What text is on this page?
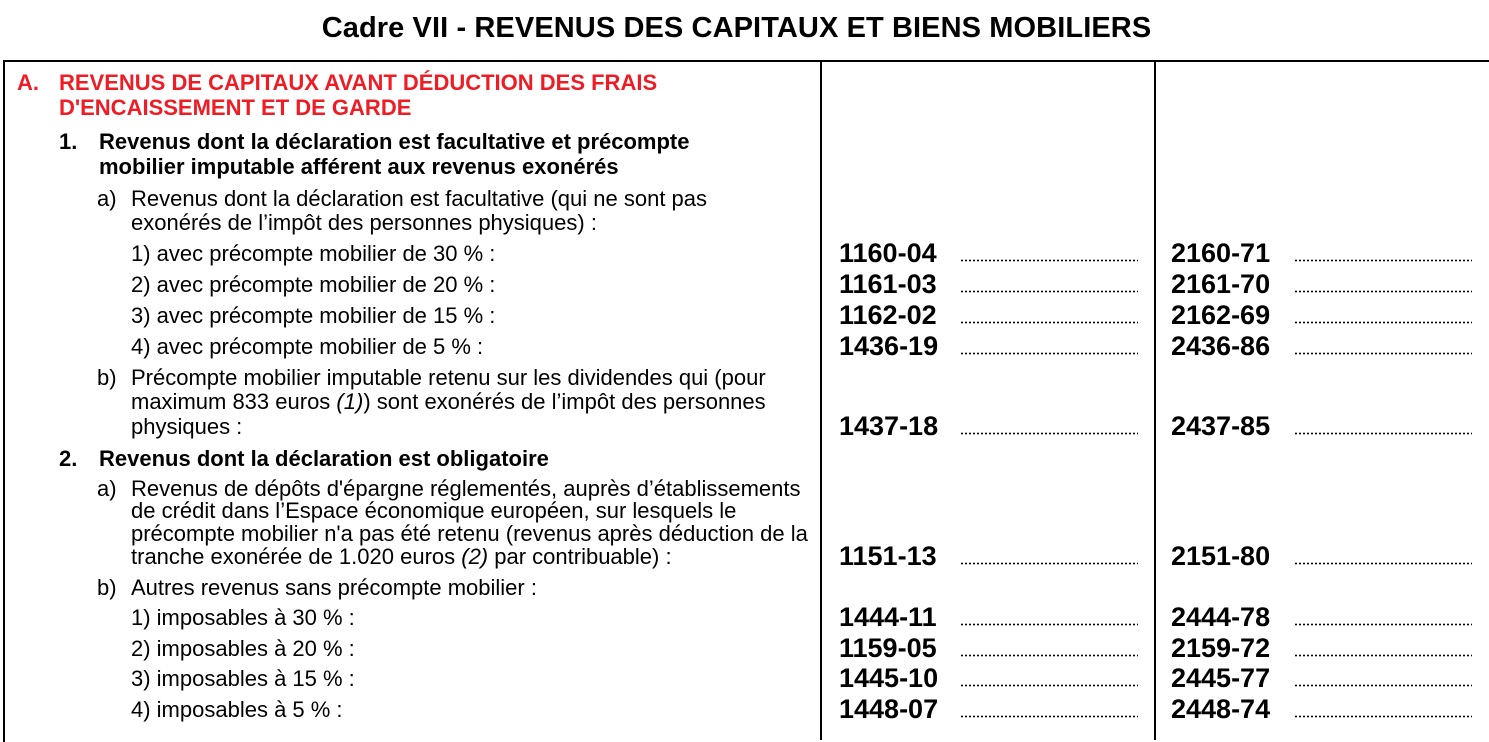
Cadre VII - REVENUS DES CAPITAUX ET BIENS MOBILIERS
A. REVENUS DE CAPITAUX AVANT DÉDUCTION DES FRAIS
D'ENCAISSEMENT ET DE GARDE
1. Revenus dont la déclaration est facultative et précompte
mobilier imputable afférent aux revenus exonérés
a) Revenus dont la déclaration est facultative (qui ne sont pas
exonérés de l’impôt des personnes physiques) :
1) avec précompte mobilier de 30 % :	1160-04	2160-71
2) avec précompte mobilier de 20 % :	1161-03	2161-70
3) avec précompte mobilier de 15 % :	1162-02	2162-69
4) avec précompte mobilier de 5 % :	1436-19	2436-86
b) Précompte mobilier imputable retenu sur les dividendes qui (pour
maximum 833 euros (1)) sont exonérés de l’impôt des personnes
physiques :	1437-18	2437-85
2. Revenus dont la déclaration est obligatoire
a) Revenus de dépôts d'épargne réglementés, auprès d’établissements
de crédit dans l’Espace économique européen, sur lesquels le
précompte mobilier n'a pas été retenu (revenus après déduction de la
tranche exonérée de 1.020 euros (2) par contribuable) :	1151-13	2151-80
b) Autres revenus sans précompte mobilier :
1) imposables à 30 % :	1444-11	2444-78
2) imposables à 20 % :	1159-05	2159-72
3) imposables à 15 % :	1445-10	2445-77
4) imposables à 5 % :	1448-07	2448-74
